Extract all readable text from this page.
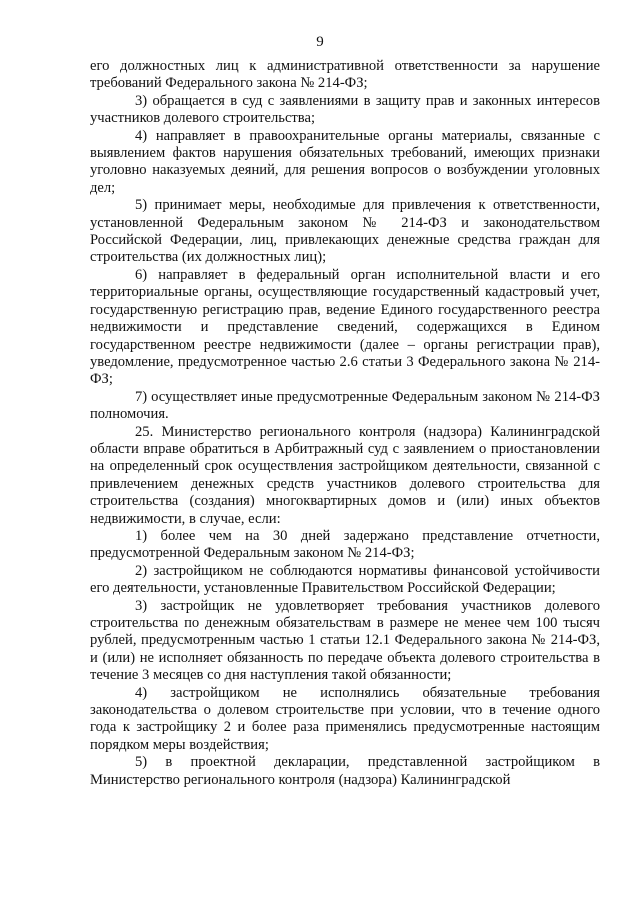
9

его должностных лиц к административной ответственности за нарушение требований Федерального закона № 214-ФЗ;

3) обращается в суд с заявлениями в защиту прав и законных интересов участников долевого строительства;

4) направляет в правоохранительные органы материалы, связанные с выявлением фактов нарушения обязательных требований, имеющих признаки уголовно наказуемых деяний, для решения вопросов о возбуждении уголовных дел;

5) принимает меры, необходимые для привлечения к ответственности, установленной Федеральным законом № 214-ФЗ и законодательством Российской Федерации, лиц, привлекающих денежные средства граждан для строительства (их должностных лиц);

6) направляет в федеральный орган исполнительной власти и его территориальные органы, осуществляющие государственный кадастровый учет, государственную регистрацию прав, ведение Единого государственного реестра недвижимости и представление сведений, содержащихся в Едином государственном реестре недвижимости (далее – органы регистрации прав), уведомление, предусмотренное частью 2.6 статьи 3 Федерального закона № 214-ФЗ;

7) осуществляет иные предусмотренные Федеральным законом № 214-ФЗ полномочия.

25. Министерство регионального контроля (надзора) Калининградской области вправе обратиться в Арбитражный суд с заявлением о приостановлении на определенный срок осуществления застройщиком деятельности, связанной с привлечением денежных средств участников долевого строительства для строительства (создания) многоквартирных домов и (или) иных объектов недвижимости, в случае, если:

1) более чем на 30 дней задержано представление отчетности, предусмотренной Федеральным законом № 214-ФЗ;

2) застройщиком не соблюдаются нормативы финансовой устойчивости его деятельности, установленные Правительством Российской Федерации;

3) застройщик не удовлетворяет требования участников долевого строительства по денежным обязательствам в размере не менее чем 100 тысяч рублей, предусмотренным частью 1 статьи 12.1 Федерального закона № 214-ФЗ, и (или) не исполняет обязанность по передаче объекта долевого строительства в течение 3 месяцев со дня наступления такой обязанности;

4) застройщиком не исполнялись обязательные требования законодательства о долевом строительстве при условии, что в течение одного года к застройщику 2 и более раза применялись предусмотренные настоящим порядком меры воздействия;

5) в проектной декларации, представленной застройщиком в Министерство регионального контроля (надзора) Калининградской
